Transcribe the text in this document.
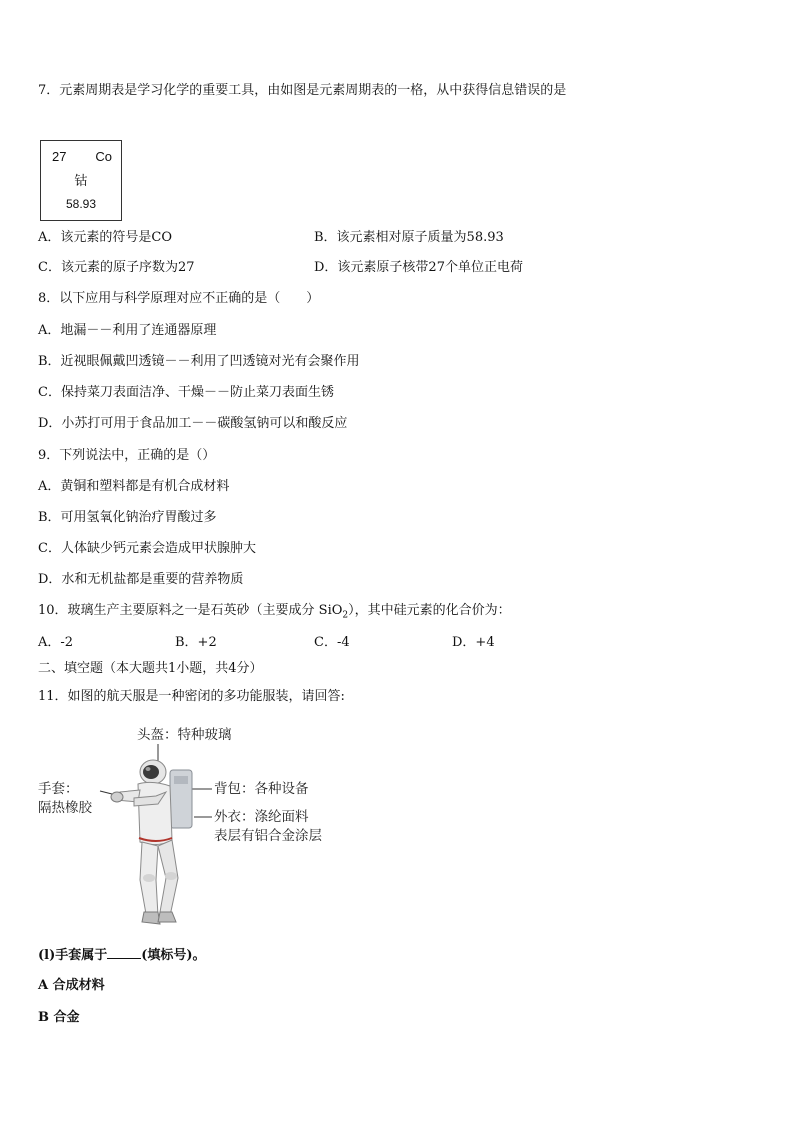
7．元素周期表是学习化学的重要工具，由如图是元素周期表的一格，从中获得信息错误的是
27 Co
钴
58.93
A．该元素的符号是CO	B．该元素相对原子质量为58.93
C．该元素的原子序数为27	D．该元素原子核带27个单位正电荷
8．以下应用与科学原理对应不正确的是（　　）
A．地漏－－利用了连通器原理
B．近视眼佩戴凹透镜－－利用了凹透镜对光有会聚作用
C．保持菜刀表面洁净、干燥－－防止菜刀表面生锈
D．小苏打可用于食品加工－－碳酸氢钠可以和酸反应
9．下列说法中，正确的是（）
A．黄铜和塑料都是有机合成材料
B．可用氢氧化钠治疗胃酸过多
C．人体缺少钙元素会造成甲状腺肿大
D．水和无机盐都是重要的营养物质
10．玻璃生产主要原料之一是石英砂（主要成分 SiO$_2$），其中硅元素的化合价为：
A．-2	B．+2	C．-4	D．+4
二、填空题（本大题共1小题，共4分）
11．如图的航天服是一种密闭的多功能服装，请回答:
头盔：特种玻璃
背包：各种设备
手套：
隔热橡胶
外衣：涤纶面料
表层有铝合金涂层
(l)手套属于	(填标号)。
A 合成材料
B 合金
